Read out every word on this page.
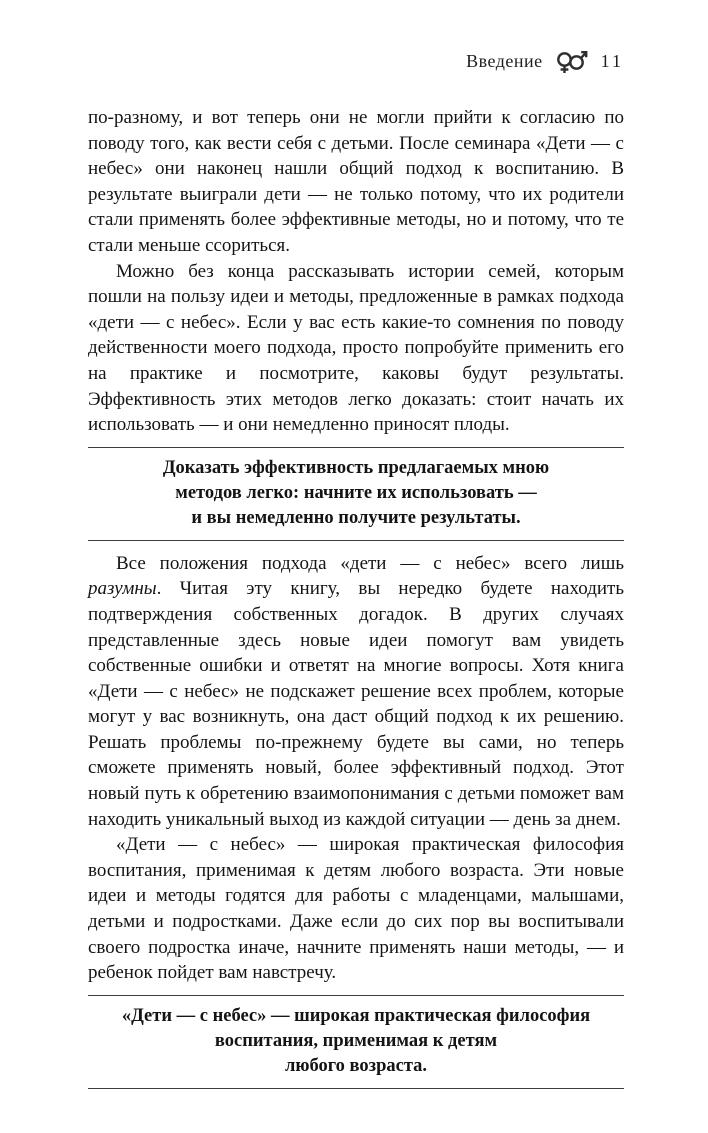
Введение	11

по-разному, и вот теперь они не могли прийти к согласию по поводу того, как вести себя с детьми. После семинара «Дети — с небес» они наконец нашли общий подход к воспитанию. В результате выиграли дети — не только потому, что их родители стали применять более эффективные методы, но и потому, что те стали меньше ссориться.

Можно без конца рассказывать истории семей, которым пошли на пользу идеи и методы, предложенные в рамках подхода «дети — с небес». Если у вас есть какие-то сомнения по поводу действенности моего подхода, просто попробуйте применить его на практике и посмотрите, каковы будут результаты. Эффективность этих методов легко доказать: стоит начать их использовать — и они немедленно приносят плоды.

Доказать эффективность предлагаемых мною
методов легко: начните их использовать —
и вы немедленно получите результаты.

Все положения подхода «дети — с небес» всего лишь разумны. Читая эту книгу, вы нередко будете находить подтверждения собственных догадок. В других случаях представленные здесь новые идеи помогут вам увидеть собственные ошибки и ответят на многие вопросы. Хотя книга «Дети — с небес» не подскажет решение всех проблем, которые могут у вас возникнуть, она даст общий подход к их решению. Решать проблемы по-прежнему будете вы сами, но теперь сможете применять новый, более эффективный подход. Этот новый путь к обретению взаимопонимания с детьми поможет вам находить уникальный выход из каждой ситуации — день за днем.

«Дети — с небес» — широкая практическая философия воспитания, применимая к детям любого возраста. Эти новые идеи и методы годятся для работы с младенцами, малышами, детьми и подростками. Даже если до сих пор вы воспитывали своего подростка иначе, начните применять наши методы, — и ребенок пойдет вам навстречу.

«Дети — с небес» — широкая практическая философия
воспитания, применимая к детям
любого возраста.
